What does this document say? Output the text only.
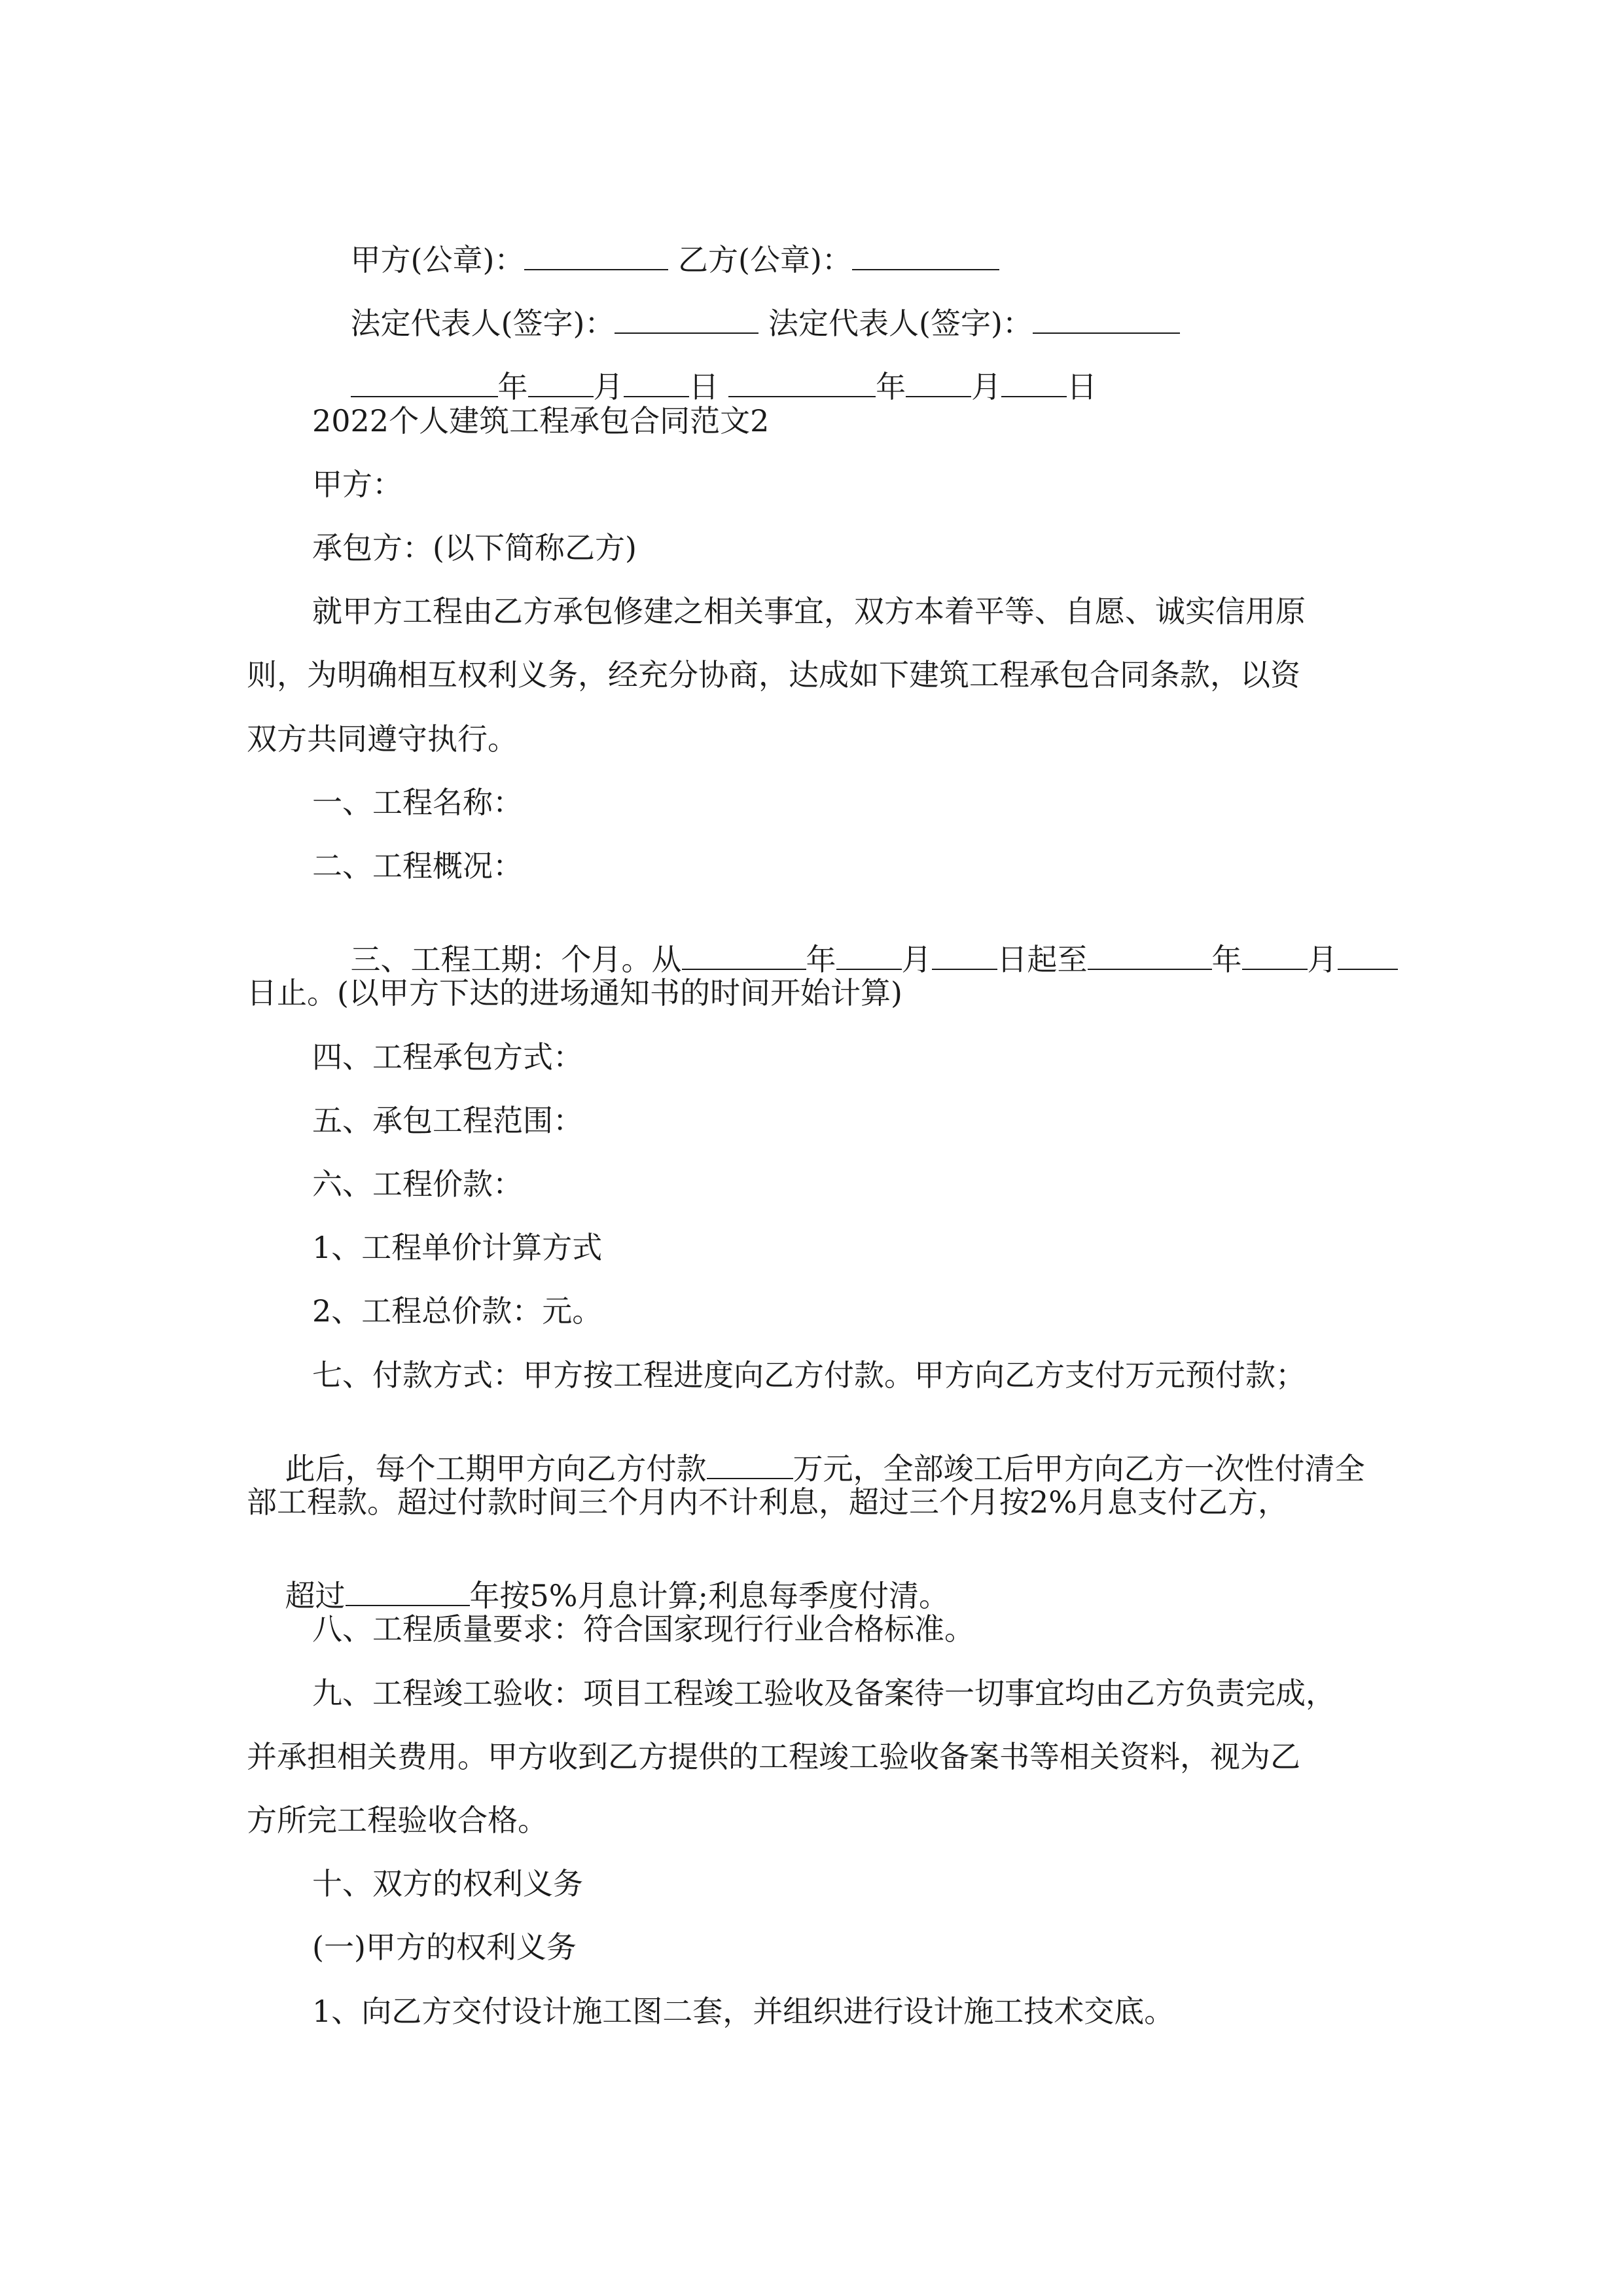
甲方(公章)：	乙方(公章)：

法定代表人(签字)：	法定代表人(签字)：

年 月 日	年 月 日

2022个人建筑工程承包合同范文2
甲方：
承包方：(以下简称乙方)
就甲方工程由乙方承包修建之相关事宜，双方本着平等、自愿、诚实信用原
则，为明确相互权利义务，经充分协商，达成如下建筑工程承包合同条款，以资
双方共同遵守执行。
一、工程名称：
二、工程概况：

三、工程工期：个月。从	年 月 日起至	年 月

日止。(以甲方下达的进场通知书的时间开始计算)
四、工程承包方式：
五、承包工程范围：
六、工程价款：
1、工程单价计算方式
2、工程总价款：元。
七、付款方式：甲方按工程进度向乙方付款。甲方向乙方支付万元预付款；

此后，每个工期甲方向乙方付款	万元，全部竣工后甲方向乙方一次性付清全

部工程款。超过付款时间三个月内不计利息，超过三个月按2%月息支付乙方，

超过	年按5%月息计算;利息每季度付清。

八、工程质量要求：符合国家现行行业合格标准。
九、工程竣工验收：项目工程竣工验收及备案待一切事宜均由乙方负责完成，
并承担相关费用。甲方收到乙方提供的工程竣工验收备案书等相关资料，视为乙
方所完工程验收合格。
十、双方的权利义务
(一)甲方的权利义务
1、向乙方交付设计施工图二套，并组织进行设计施工技术交底。
